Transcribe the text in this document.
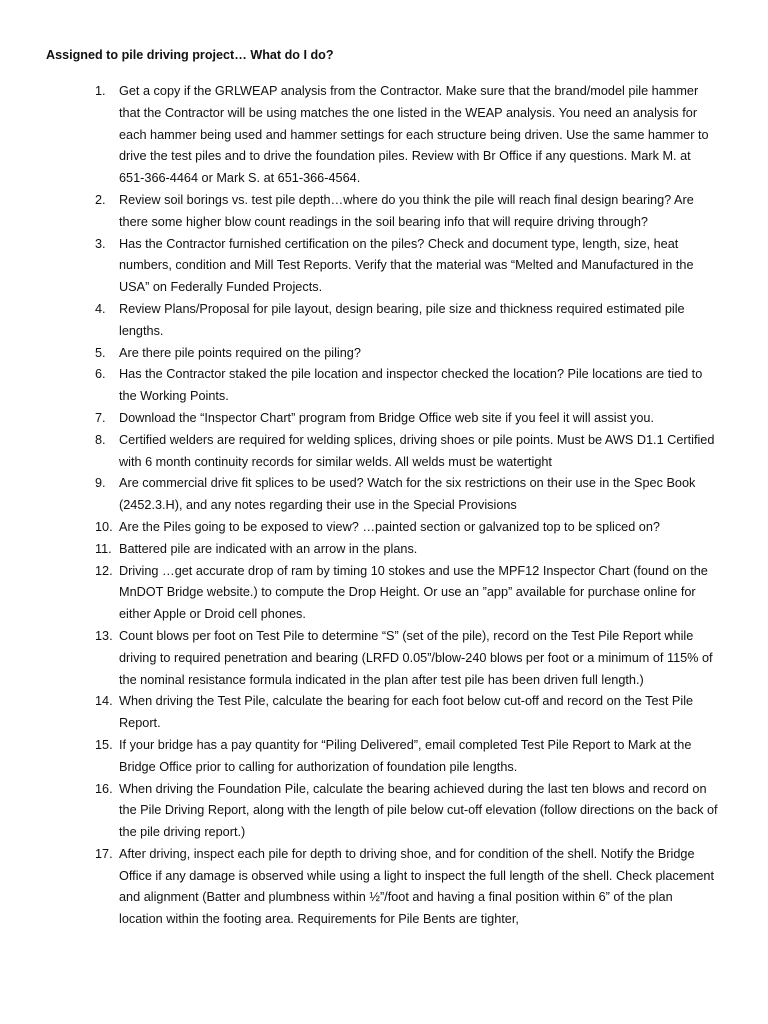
Assigned to pile driving project… What do I do?
1. Get a copy if the GRLWEAP analysis from the Contractor. Make sure that the brand/model pile hammer that the Contractor will be using matches the one listed in the WEAP analysis. You need an analysis for each hammer being used and hammer settings for each structure being driven. Use the same hammer to drive the test piles and to drive the foundation piles. Review with Br Office if any questions. Mark M. at 651-366-4464 or Mark S. at 651-366-4564.
2. Review soil borings vs. test pile depth…where do you think the pile will reach final design bearing? Are there some higher blow count readings in the soil bearing info that will require driving through?
3. Has the Contractor furnished certification on the piles? Check and document type, length, size, heat numbers, condition and Mill Test Reports. Verify that the material was “Melted and Manufactured in the USA” on Federally Funded Projects.
4. Review Plans/Proposal for pile layout, design bearing, pile size and thickness required estimated pile lengths.
5. Are there pile points required on the piling?
6. Has the Contractor staked the pile location and inspector checked the location? Pile locations are tied to the Working Points.
7. Download the “Inspector Chart” program from Bridge Office web site if you feel it will assist you.
8. Certified welders are required for welding splices, driving shoes or pile points. Must be AWS D1.1 Certified with 6 month continuity records for similar welds. All welds must be watertight
9. Are commercial drive fit splices to be used? Watch for the six restrictions on their use in the Spec Book (2452.3.H), and any notes regarding their use in the Special Provisions
10. Are the Piles going to be exposed to view? …painted section or galvanized top to be spliced on?
11. Battered pile are indicated with an arrow in the plans.
12. Driving …get accurate drop of ram by timing 10 stokes and use the MPF12 Inspector Chart (found on the MnDOT Bridge website.) to compute the Drop Height. Or use an ”app” available for purchase online for either Apple or Droid cell phones.
13. Count blows per foot on Test Pile to determine “S” (set of the pile), record on the Test Pile Report while driving to required penetration and bearing (LRFD 0.05”/blow-240 blows per foot or a minimum of 115% of the nominal resistance formula indicated in the plan after test pile has been driven full length.)
14. When driving the Test Pile, calculate the bearing for each foot below cut-off and record on the Test Pile Report.
15. If your bridge has a pay quantity for “Piling Delivered”, email completed Test Pile Report to Mark at the Bridge Office prior to calling for authorization of foundation pile lengths.
16. When driving the Foundation Pile, calculate the bearing achieved during the last ten blows and record on the Pile Driving Report, along with the length of pile below cut-off elevation (follow directions on the back of the pile driving report.)
17. After driving, inspect each pile for depth to driving shoe, and for condition of the shell. Notify the Bridge Office if any damage is observed while using a light to inspect the full length of the shell. Check placement and alignment (Batter and plumbness within ½”/foot and having a final position within 6” of the plan location within the footing area. Requirements for Pile Bents are tighter,
